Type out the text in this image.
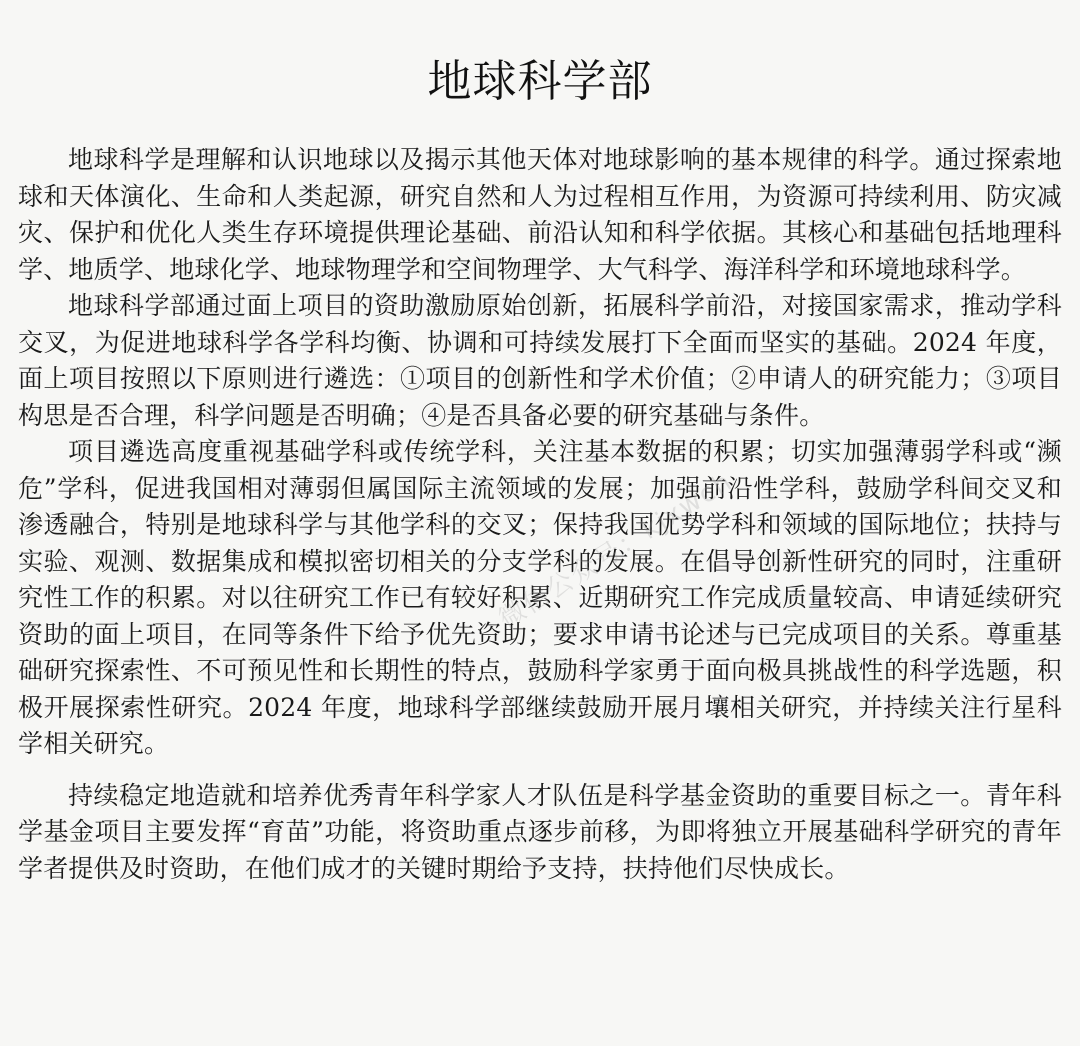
地球科学部

地球科学是理解和认识地球以及揭示其他天体对地球影响的基本规律的科学。通过探索地球和天体演化、生命和人类起源，研究自然和人为过程相互作用，为资源可持续利用、防灾减灾、保护和优化人类生存环境提供理论基础、前沿认知和科学依据。其核心和基础包括地理科学、地质学、地球化学、地球物理学和空间物理学、大气科学、海洋科学和环境地球科学。

地球科学部通过面上项目的资助激励原始创新，拓展科学前沿，对接国家需求，推动学科交叉，为促进地球科学各学科均衡、协调和可持续发展打下全面而坚实的基础。2024 年度，面上项目按照以下原则进行遴选：①项目的创新性和学术价值；②申请人的研究能力；③项目构思是否合理，科学问题是否明确；④是否具备必要的研究基础与条件。

项目遴选高度重视基础学科或传统学科，关注基本数据的积累；切实加强薄弱学科或“濒危”学科，促进我国相对薄弱但属国际主流领域的发展；加强前沿性学科，鼓励学科间交叉和渗透融合，特别是地球科学与其他学科的交叉；保持我国优势学科和领域的国际地位；扶持与实验、观测、数据集成和模拟密切相关的分支学科的发展。在倡导创新性研究的同时，注重研究性工作的积累。对以往研究工作已有较好积累、近期研究工作完成质量较高、申请延续研究资助的面上项目，在同等条件下给予优先资助；要求申请书论述与已完成项目的关系。尊重基础研究探索性、不可预见性和长期性的特点，鼓励科学家勇于面向极具挑战性的科学选题，积极开展探索性研究。2024 年度，地球科学部继续鼓励开展月壤相关研究，并持续关注行星科学相关研究。

持续稳定地造就和培养优秀青年科学家人才队伍是科学基金资助的重要目标之一。青年科学基金项目主要发挥“育苗”功能，将资助重点逐步前移，为即将独立开展基础科学研究的青年学者提供及时资助，在他们成才的关键时期给予支持，扶持他们尽快成长。

微信公众号：kjxwch
